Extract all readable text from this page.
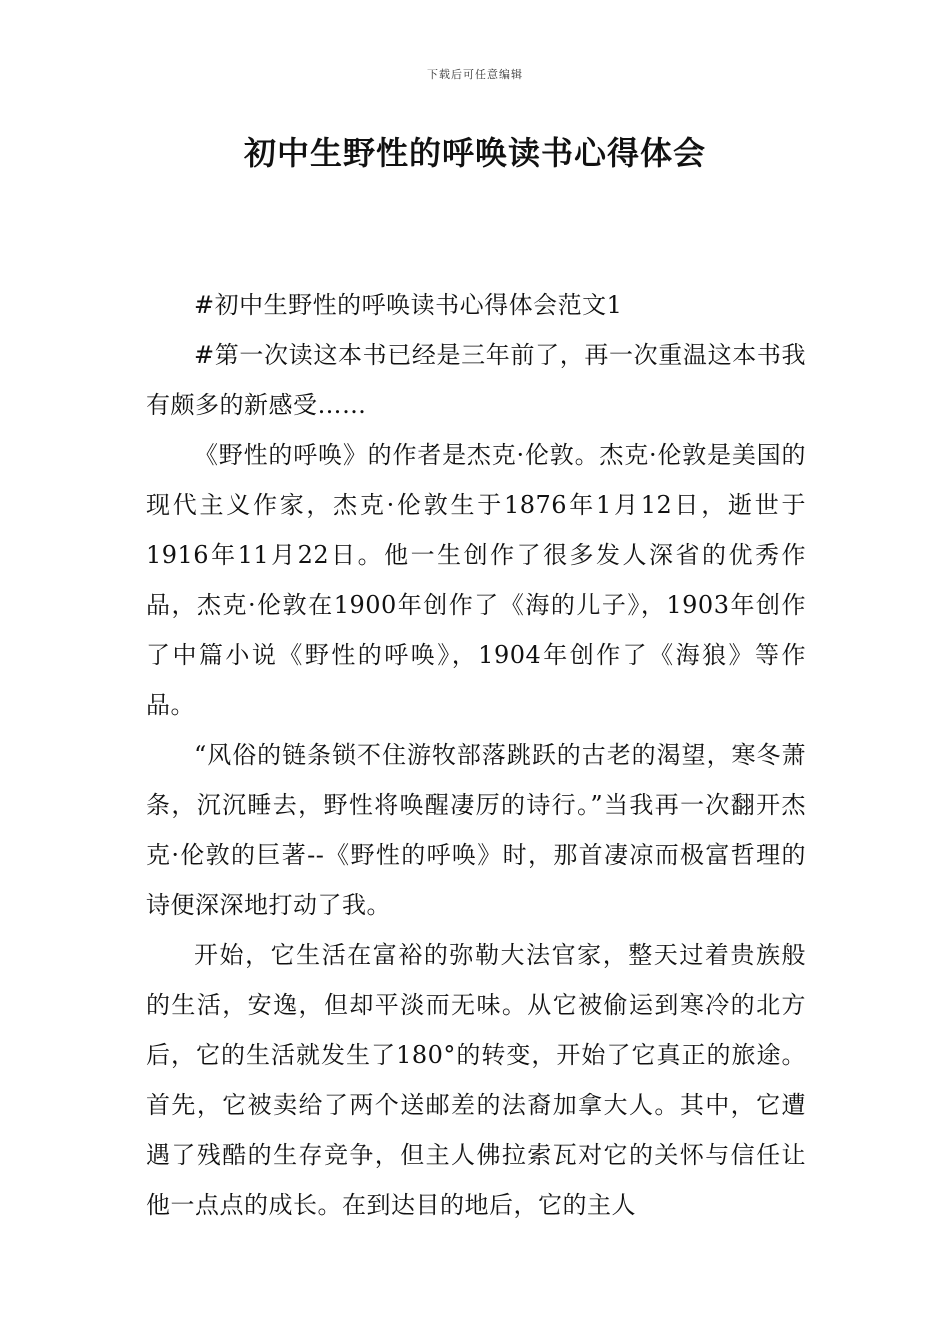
下载后可任意编辑
初中生野性的呼唤读书心得体会

#初中生野性的呼唤读书心得体会范文1

#第一次读这本书已经是三年前了，再一次重温这本书我有颇多的新感受……

《野性的呼唤》的作者是杰克·伦敦。杰克·伦敦是美国的现代主义作家，杰克·伦敦生于1876年1月12日，逝世于1916年11月22日。他一生创作了很多发人深省的优秀作品，杰克·伦敦在1900年创作了《海的儿子》，1903年创作了中篇小说《野性的呼唤》，1904年创作了《海狼》等作品。

“风俗的链条锁不住游牧部落跳跃的古老的渴望，寒冬萧条，沉沉睡去，野性将唤醒凄厉的诗行。”当我再一次翻开杰克·伦敦的巨著--《野性的呼唤》时，那首凄凉而极富哲理的诗便深深地打动了我。

开始，它生活在富裕的弥勒大法官家，整天过着贵族般的生活，安逸，但却平淡而无味。从它被偷运到寒冷的北方后，它的生活就发生了180°的转变，开始了它真正的旅途。首先，它被卖给了两个送邮差的法裔加拿大人。其中，它遭遇了残酷的生存竞争，但主人佛拉索瓦对它的关怀与信任让他一点点的成长。在到达目的地后，它的主人
